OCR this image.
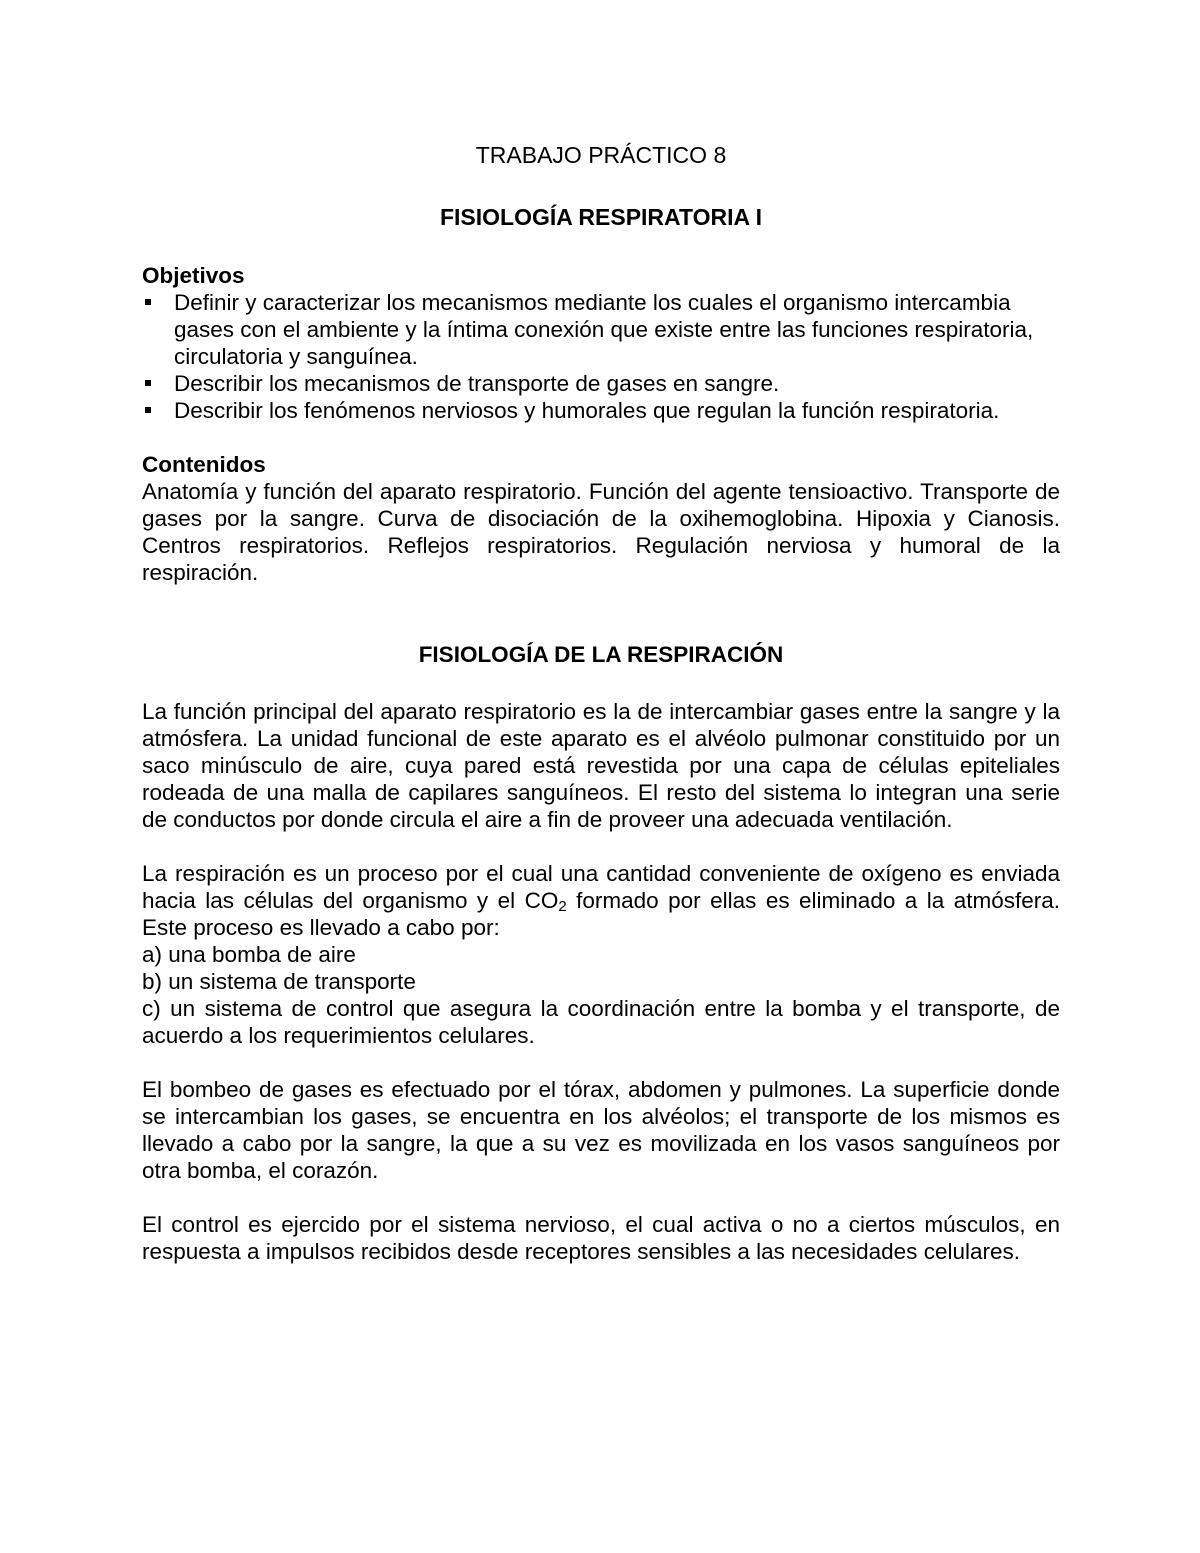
TRABAJO PRÁCTICO 8
FISIOLOGÍA RESPIRATORIA I

Objetivos

Definir y caracterizar los mecanismos mediante los cuales el organismo intercambia gases con el ambiente y la íntima conexión que existe entre las funciones respiratoria, circulatoria y sanguínea.
Describir los mecanismos de transporte de gases en sangre.
Describir los fenómenos nerviosos y humorales que regulan la función respiratoria.

Contenidos

Anatomía y función del aparato respiratorio. Función del agente tensioactivo. Transporte de gases por la sangre. Curva de disociación de la oxihemoglobina. Hipoxia y Cianosis. Centros respiratorios. Reflejos respiratorios. Regulación nerviosa y humoral de la respiración.

FISIOLOGÍA DE LA RESPIRACIÓN

La función principal del aparato respiratorio es la de intercambiar gases entre la sangre y la atmósfera. La unidad funcional de este aparato es el alvéolo pulmonar constituido por un saco minúsculo de aire, cuya pared está revestida por una capa de células epiteliales rodeada de una malla de capilares sanguíneos. El resto del sistema lo integran una serie de conductos por donde circula el aire a fin de proveer una adecuada ventilación.

La respiración es un proceso por el cual una cantidad conveniente de oxígeno es enviada hacia las células del organismo y el $CO_2$ formado por ellas es eliminado a la atmósfera. Este proceso es llevado a cabo por:

a) una bomba de aire

b) un sistema de transporte

c) un sistema de control que asegura la coordinación entre la bomba y el transporte, de acuerdo a los requerimientos celulares.

El bombeo de gases es efectuado por el tórax, abdomen y pulmones. La superficie donde se intercambian los gases, se encuentra en los alvéolos; el transporte de los mismos es llevado a cabo por la sangre, la que a su vez es movilizada en los vasos sanguíneos por otra bomba, el corazón.

El control es ejercido por el sistema nervioso, el cual activa o no a ciertos músculos, en respuesta a impulsos recibidos desde receptores sensibles a las necesidades celulares.
